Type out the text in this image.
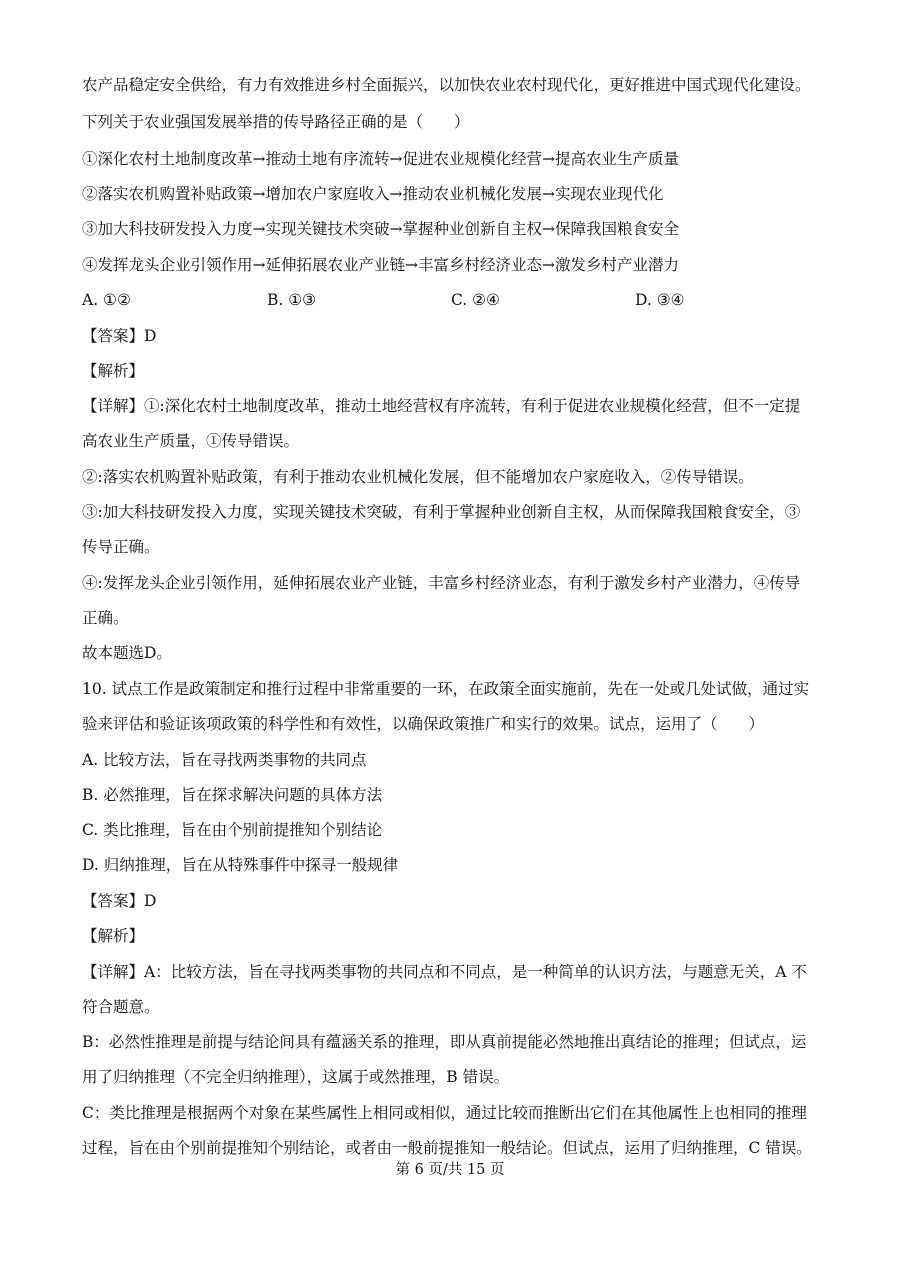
农产品稳定安全供给，有力有效推进乡村全面振兴，以加快农业农村现代化，更好推进中国式现代化建设。
下列关于农业强国发展举措的传导路径正确的是（　　）
①深化农村土地制度改革→推动土地有序流转→促进农业规模化经营→提高农业生产质量
②落实农机购置补贴政策→增加农户家庭收入→推动农业机械化发展→实现农业现代化
③加大科技研发投入力度→实现关键技术突破→掌握种业创新自主权→保障我国粮食安全
④发挥龙头企业引领作用→延伸拓展农业产业链→丰富乡村经济业态→激发乡村产业潜力
A. ①②	B. ①③	C. ②④	D. ③④
【答案】D
【解析】
【详解】①:深化农村土地制度改革，推动土地经营权有序流转，有利于促进农业规模化经营，但不一定提
高农业生产质量，①传导错误。
②:落实农机购置补贴政策，有利于推动农业机械化发展，但不能增加农户家庭收入，②传导错误。
③:加大科技研发投入力度，实现关键技术突破，有利于掌握种业创新自主权，从而保障我国粮食安全，③
传导正确。
④:发挥龙头企业引领作用，延伸拓展农业产业链，丰富乡村经济业态，有利于激发乡村产业潜力，④传导
正确。
故本题选D。
10. 试点工作是政策制定和推行过程中非常重要的一环，在政策全面实施前，先在一处或几处试做，通过实
验来评估和验证该项政策的科学性和有效性，以确保政策推广和实行的效果。试点，运用了（　　）
A. 比较方法，旨在寻找两类事物的共同点
B. 必然推理，旨在探求解决问题的具体方法
C. 类比推理，旨在由个别前提推知个别结论
D. 归纳推理，旨在从特殊事件中探寻一般规律
【答案】D
【解析】
【详解】A：比较方法，旨在寻找两类事物的共同点和不同点，是一种简单的认识方法，与题意无关，A 不
符合题意。
B：必然性推理是前提与结论间具有蕴涵关系的推理，即从真前提能必然地推出真结论的推理；但试点，运
用了归纳推理（不完全归纳推理），这属于或然推理，B 错误。
C：类比推理是根据两个对象在某些属性上相同或相似，通过比较而推断出它们在其他属性上也相同的推理
过程，旨在由个别前提推知个别结论，或者由一般前提推知一般结论。但试点，运用了归纳推理，C 错误。
第 6 页/共 15 页
